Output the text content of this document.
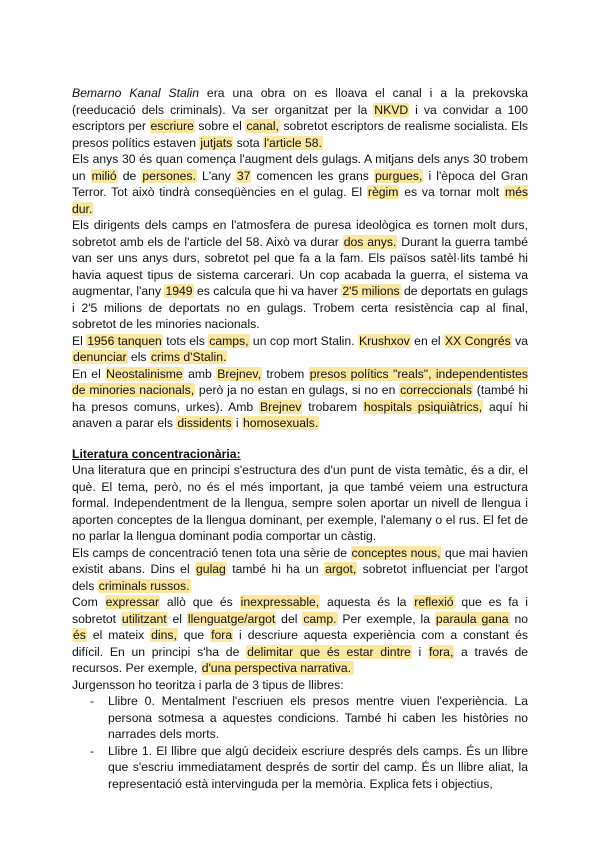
Bemarno Kanal Stalin era una obra on es lloava el canal i a la prekovska (reeducació dels criminals). Va ser organitzat per la NKVD i va convidar a 100 escriptors per escriure sobre el canal, sobretot escriptors de realisme socialista. Els presos polítics estaven jutjats sota l'article 58.

Els anys 30 és quan comença l'augment dels gulags. A mitjans dels anys 30 trobem un milió de persones. L'any 37 comencen les grans purgues, i l'època del Gran Terror. Tot això tindrà conseqüències en el gulag. El règim es va tornar molt més dur.

Els dirigents dels camps en l'atmosfera de puresa ideològica es tornen molt durs, sobretot amb els de l'article del 58. Això va durar dos anys. Durant la guerra també van ser uns anys durs, sobretot pel que fa a la fam. Els països satèl·lits també hi havia aquest tipus de sistema carcerari. Un cop acabada la guerra, el sistema va augmentar, l'any 1949 es calcula que hi va haver 2'5 milions de deportats en gulags i 2'5 milions de deportats no en gulags. Trobem certa resistència cap al final, sobretot de les minories nacionals.

El 1956 tanquen tots els camps, un cop mort Stalin. Krushxov en el XX Congrés va denunciar els crims d'Stalin.

En el Neostalinisme amb Brejnev, trobem presos polítics "reals", independentistes de minories nacionals, però ja no estan en gulags, si no en correccionals (també hi ha presos comuns, urkes). Amb Brejnev trobarem hospitals psiquiàtrics, aquí hi anaven a parar els dissidents i homosexuals.

Literatura concentracionària:

Una literatura que en principi s'estructura des d'un punt de vista temàtic, és a dir, el què. El tema, però, no és el més important, ja que també veiem una estructura formal. Independentment de la llengua, sempre solen aportar un nivell de llengua i aporten conceptes de la llengua dominant, per exemple, l'alemany o el rus. El fet de no parlar la llengua dominant podia comportar un càstig.

Els camps de concentració tenen tota una sèrie de conceptes nous, que mai havien existit abans. Dins el gulag també hi ha un argot, sobretot influenciat per l'argot dels criminals russos.

Com expressar allò que és inexpressable, aquesta és la reflexió que es fa i sobretot utilitzant el llenguatge/argot del camp. Per exemple, la paraula gana no és el mateix dins, que fora i descriure aquesta experiència com a constant és difícil. En un principi s'ha de delimitar que és estar dintre i fora, a través de recursos. Per exemple, d'una perspectiva narrativa.

Jurgensson ho teoritza i parla de 3 tipus de llibres:

- Llibre 0. Mentalment l'escriuen els presos mentre viuen l'experiència. La persona sotmesa a aquestes condicions. També hi caben les històries no narrades dels morts.
- Llibre 1. El llibre que algú decideix escriure després dels camps. És un llibre que s'escriu immediatament després de sortir del camp. És un llibre aliat, la representació està intervinguda per la memòria. Explica fets i objectius,
